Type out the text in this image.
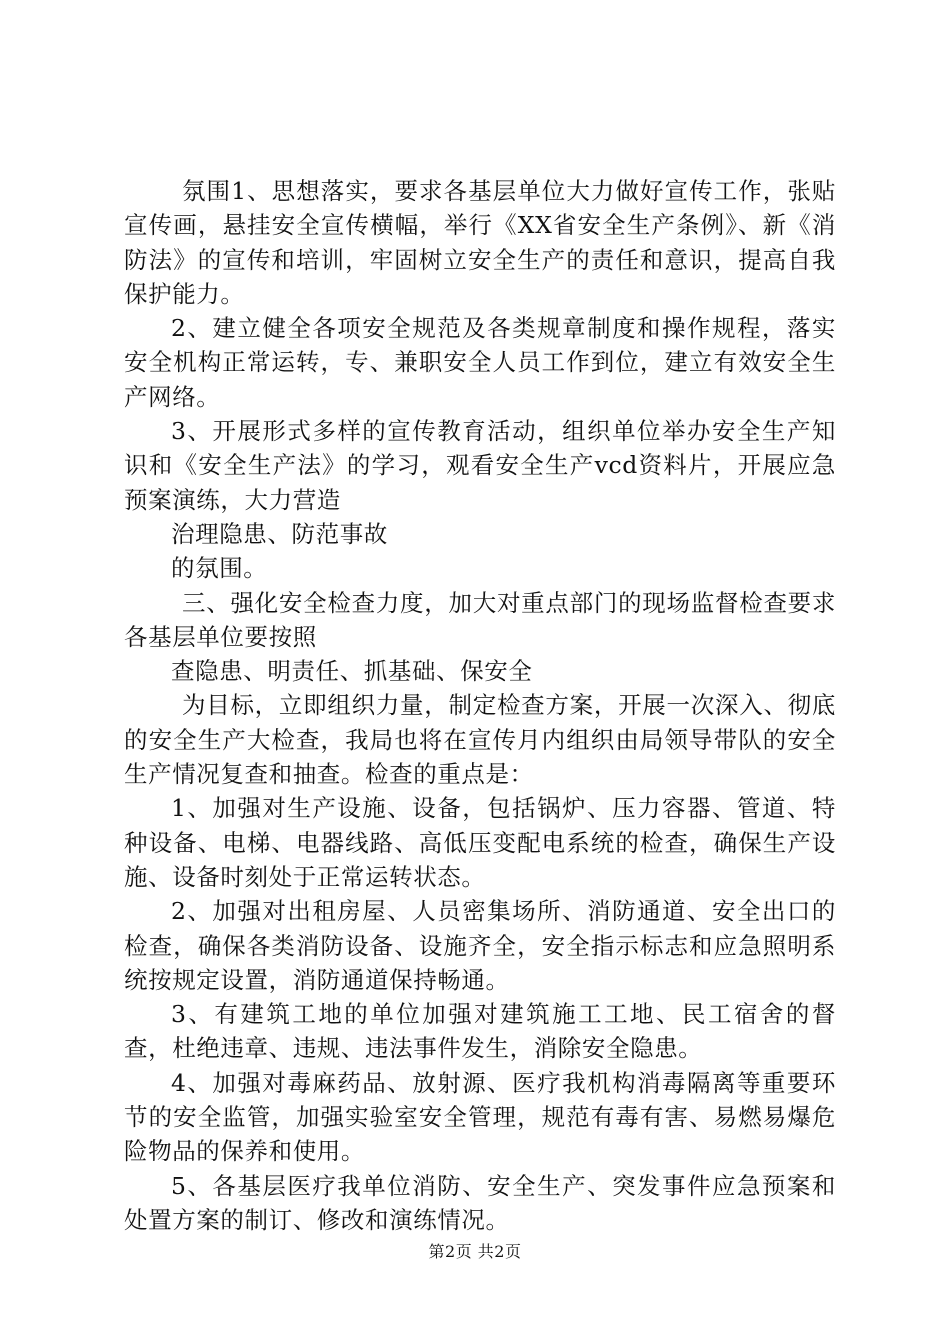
氛围1、思想落实，要求各基层单位大力做好宣传工作，张贴宣传画，悬挂安全宣传横幅，举行《XX省安全生产条例》、新《消防法》的宣传和培训，牢固树立安全生产的责任和意识，提高自我保护能力。

2、建立健全各项安全规范及各类规章制度和操作规程，落实安全机构正常运转，专、兼职安全人员工作到位，建立有效安全生产网络。

3、开展形式多样的宣传教育活动，组织单位举办安全生产知识和《安全生产法》的学习，观看安全生产vcd资料片，开展应急预案演练，大力营造

治理隐患、防范事故

的氛围。

三、强化安全检查力度，加大对重点部门的现场监督检查要求各基层单位要按照

查隐患、明责任、抓基础、保安全

为目标，立即组织力量，制定检查方案，开展一次深入、彻底的安全生产大检查，我局也将在宣传月内组织由局领导带队的安全生产情况复查和抽查。检查的重点是：

1、加强对生产设施、设备，包括锅炉、压力容器、管道、特种设备、电梯、电器线路、高低压变配电系统的检查，确保生产设施、设备时刻处于正常运转状态。

2、加强对出租房屋、人员密集场所、消防通道、安全出口的检查，确保各类消防设备、设施齐全，安全指示标志和应急照明系统按规定设置，消防通道保持畅通。

3、有建筑工地的单位加强对建筑施工工地、民工宿舍的督查，杜绝违章、违规、违法事件发生，消除安全隐患。

4、加强对毒麻药品、放射源、医疗我机构消毒隔离等重要环节的安全监管，加强实验室安全管理，规范有毒有害、易燃易爆危险物品的保养和使用。

5、各基层医疗我单位消防、安全生产、突发事件应急预案和处置方案的制订、修改和演练情况。

第2页 共2页
